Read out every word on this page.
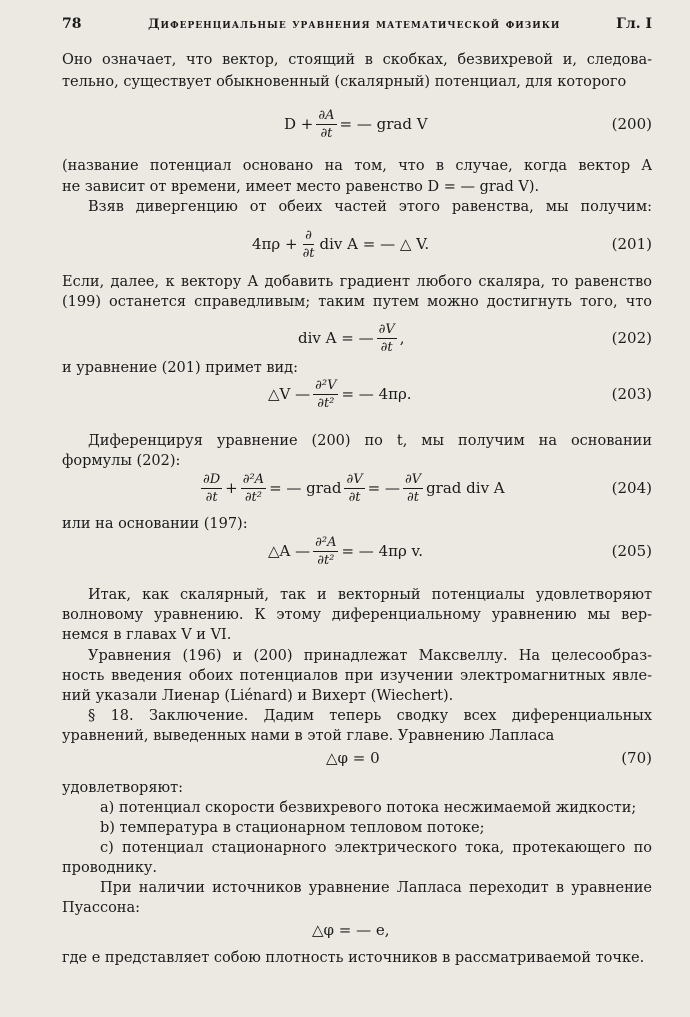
78	Диференциальные уравнения математической физики	Гл. I
Оно означает, что вектор, стоящий в скобках, безвихревой и, следова-
тельно, существует обыкновенный (скалярный) потенциал, для которого
$D + \frac{\partial A}{\partial t}$ = — grad V	(200)
(название потенциал основано на том, что в случае, когда вектор A
не зависит от времени, имеет место равенство D = — grad V).
Взяв дивергенцию от обеих частей этого равенства, мы получим:
$4\pi\rho + \frac{\partial}{\partial t}$ div A = — △ V.	(201)
Если, далее, к вектору A добавить градиент любого скаляра, то равенство
(199) останется справедливым; таким путем можно достигнуть того, что
div A = — $\frac{\partial V}{\partial t}$ ,	(202)
и уравнение (201) примет вид:
△V — $\frac{\text{∂²V}}{\text{∂t²}}$ = — 4πρ.	(203)
Диференцируя уравнение (200) по t, мы получим на основании
формулы (202):
$\frac{\partial D}{\partial t} + \frac{\text{∂²A}}{\text{∂t²}}$ = — grad $\frac{\partial V}{\partial t}$ = — $\frac{\partial V}{\partial t}$ grad div A	(204)
или на основании (197):
△A — $\frac{\text{∂²A}}{\text{∂t²}}$ = — 4πρ v.	(205)
Итак, как скалярный, так и векторный потенциалы удовлетворяют
волновому уравнению. К этому диференциальному уравнению мы вер-
немся в главах V и VI.
Уравнения (196) и (200) принадлежат Максвеллу. На целесообраз-
ность введения обоих потенциалов при изучении электромагнитных явле-
ний указали Лиенар (Liénard) и Вихерт (Wiechert).
§ 18. Заключение. Дадим теперь сводку всех диференциальных
уравнений, выведенных нами в этой главе. Уравнению Лапласа
△φ = 0	(70)
удовлетворяют:
a) потенциал скорости безвихревого потока несжимаемой жидкости;
b) температура в стационарном тепловом потоке;
c) потенциал стационарного электрического тока, протекающего по
проводнику.
При наличии источников уравнение Лапласа переходит в уравнение
Пуассона:
△φ = — e,
где e представляет собою плотность источников в рассматриваемой точке.
